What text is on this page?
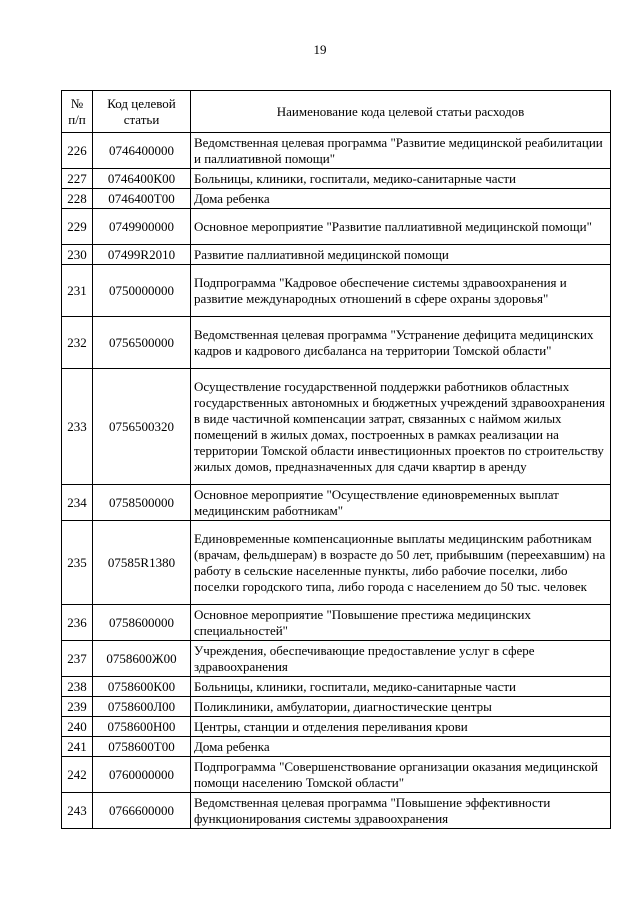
19
№ п/п	Код целевой статьи	Наименование кода целевой статьи расходов
226	0746400000	Ведомственная целевая программа "Развитие медицинской реабилитации и паллиативной помощи"
227	0746400К00	Больницы, клиники, госпитали, медико-санитарные части
228	0746400Т00	Дома ребенка
229	0749900000	Основное мероприятие "Развитие паллиативной медицинской помощи"
230	07499R2010	Развитие паллиативной медицинской помощи
231	0750000000	Подпрограмма "Кадровое обеспечение системы здравоохранения и развитие международных отношений в сфере охраны здоровья"
232	0756500000	Ведомственная целевая программа "Устранение дефицита медицинских кадров и кадрового дисбаланса на территории Томской области"
233	0756500320	Осуществление государственной поддержки работников областных государственных автономных и бюджетных учреждений здравоохранения в виде частичной компенсации затрат, связанных с наймом жилых помещений в жилых домах, построенных в рамках реализации на территории Томской области инвестиционных проектов по строительству жилых домов, предназначенных для сдачи квартир в аренду
234	0758500000	Основное мероприятие "Осуществление единовременных выплат медицинским работникам"
235	07585R1380	Единовременные компенсационные выплаты медицинским работникам (врачам, фельдшерам) в возрасте до 50 лет, прибывшим (переехавшим) на работу в сельские населенные пункты, либо рабочие поселки, либо поселки городского типа, либо города с населением до 50 тыс. человек
236	0758600000	Основное мероприятие "Повышение престижа медицинских специальностей"
237	0758600Ж00	Учреждения, обеспечивающие предоставление услуг в сфере здравоохранения
238	0758600К00	Больницы, клиники, госпитали, медико-санитарные части
239	0758600Л00	Поликлиники, амбулатории, диагностические центры
240	0758600Н00	Центры, станции и отделения переливания крови
241	0758600Т00	Дома ребенка
242	0760000000	Подпрограмма "Совершенствование организации оказания медицинской помощи населению Томской области"
243	0766600000	Ведомственная целевая программа "Повышение эффективности функционирования системы здравоохранения
